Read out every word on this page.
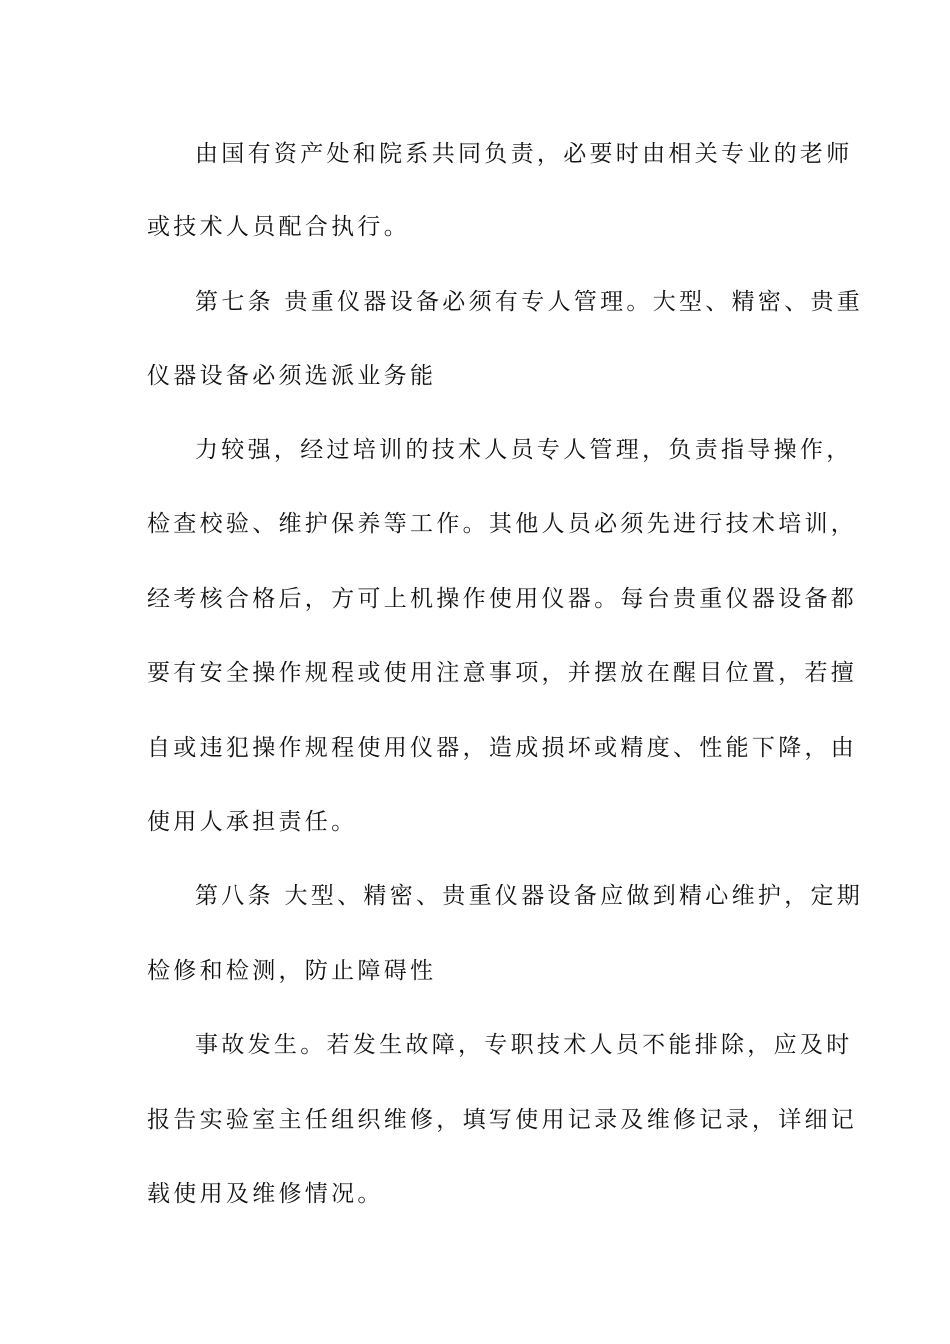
由国有资产处和院系共同负责，必要时由相关专业的老师
或技术人员配合执行。
第七条 贵重仪器设备必须有专人管理。大型、精密、贵重
仪器设备必须选派业务能
力较强，经过培训的技术人员专人管理，负责指导操作，
检查校验、维护保养等工作。其他人员必须先进行技术培训，
经考核合格后，方可上机操作使用仪器。每台贵重仪器设备都
要有安全操作规程或使用注意事项，并摆放在醒目位置，若擅
自或违犯操作规程使用仪器，造成损坏或精度、性能下降，由
使用人承担责任。
第八条 大型、精密、贵重仪器设备应做到精心维护，定期
检修和检测，防止障碍性
事故发生。若发生故障，专职技术人员不能排除，应及时
报告实验室主任组织维修，填写使用记录及维修记录，详细记
载使用及维修情况。
